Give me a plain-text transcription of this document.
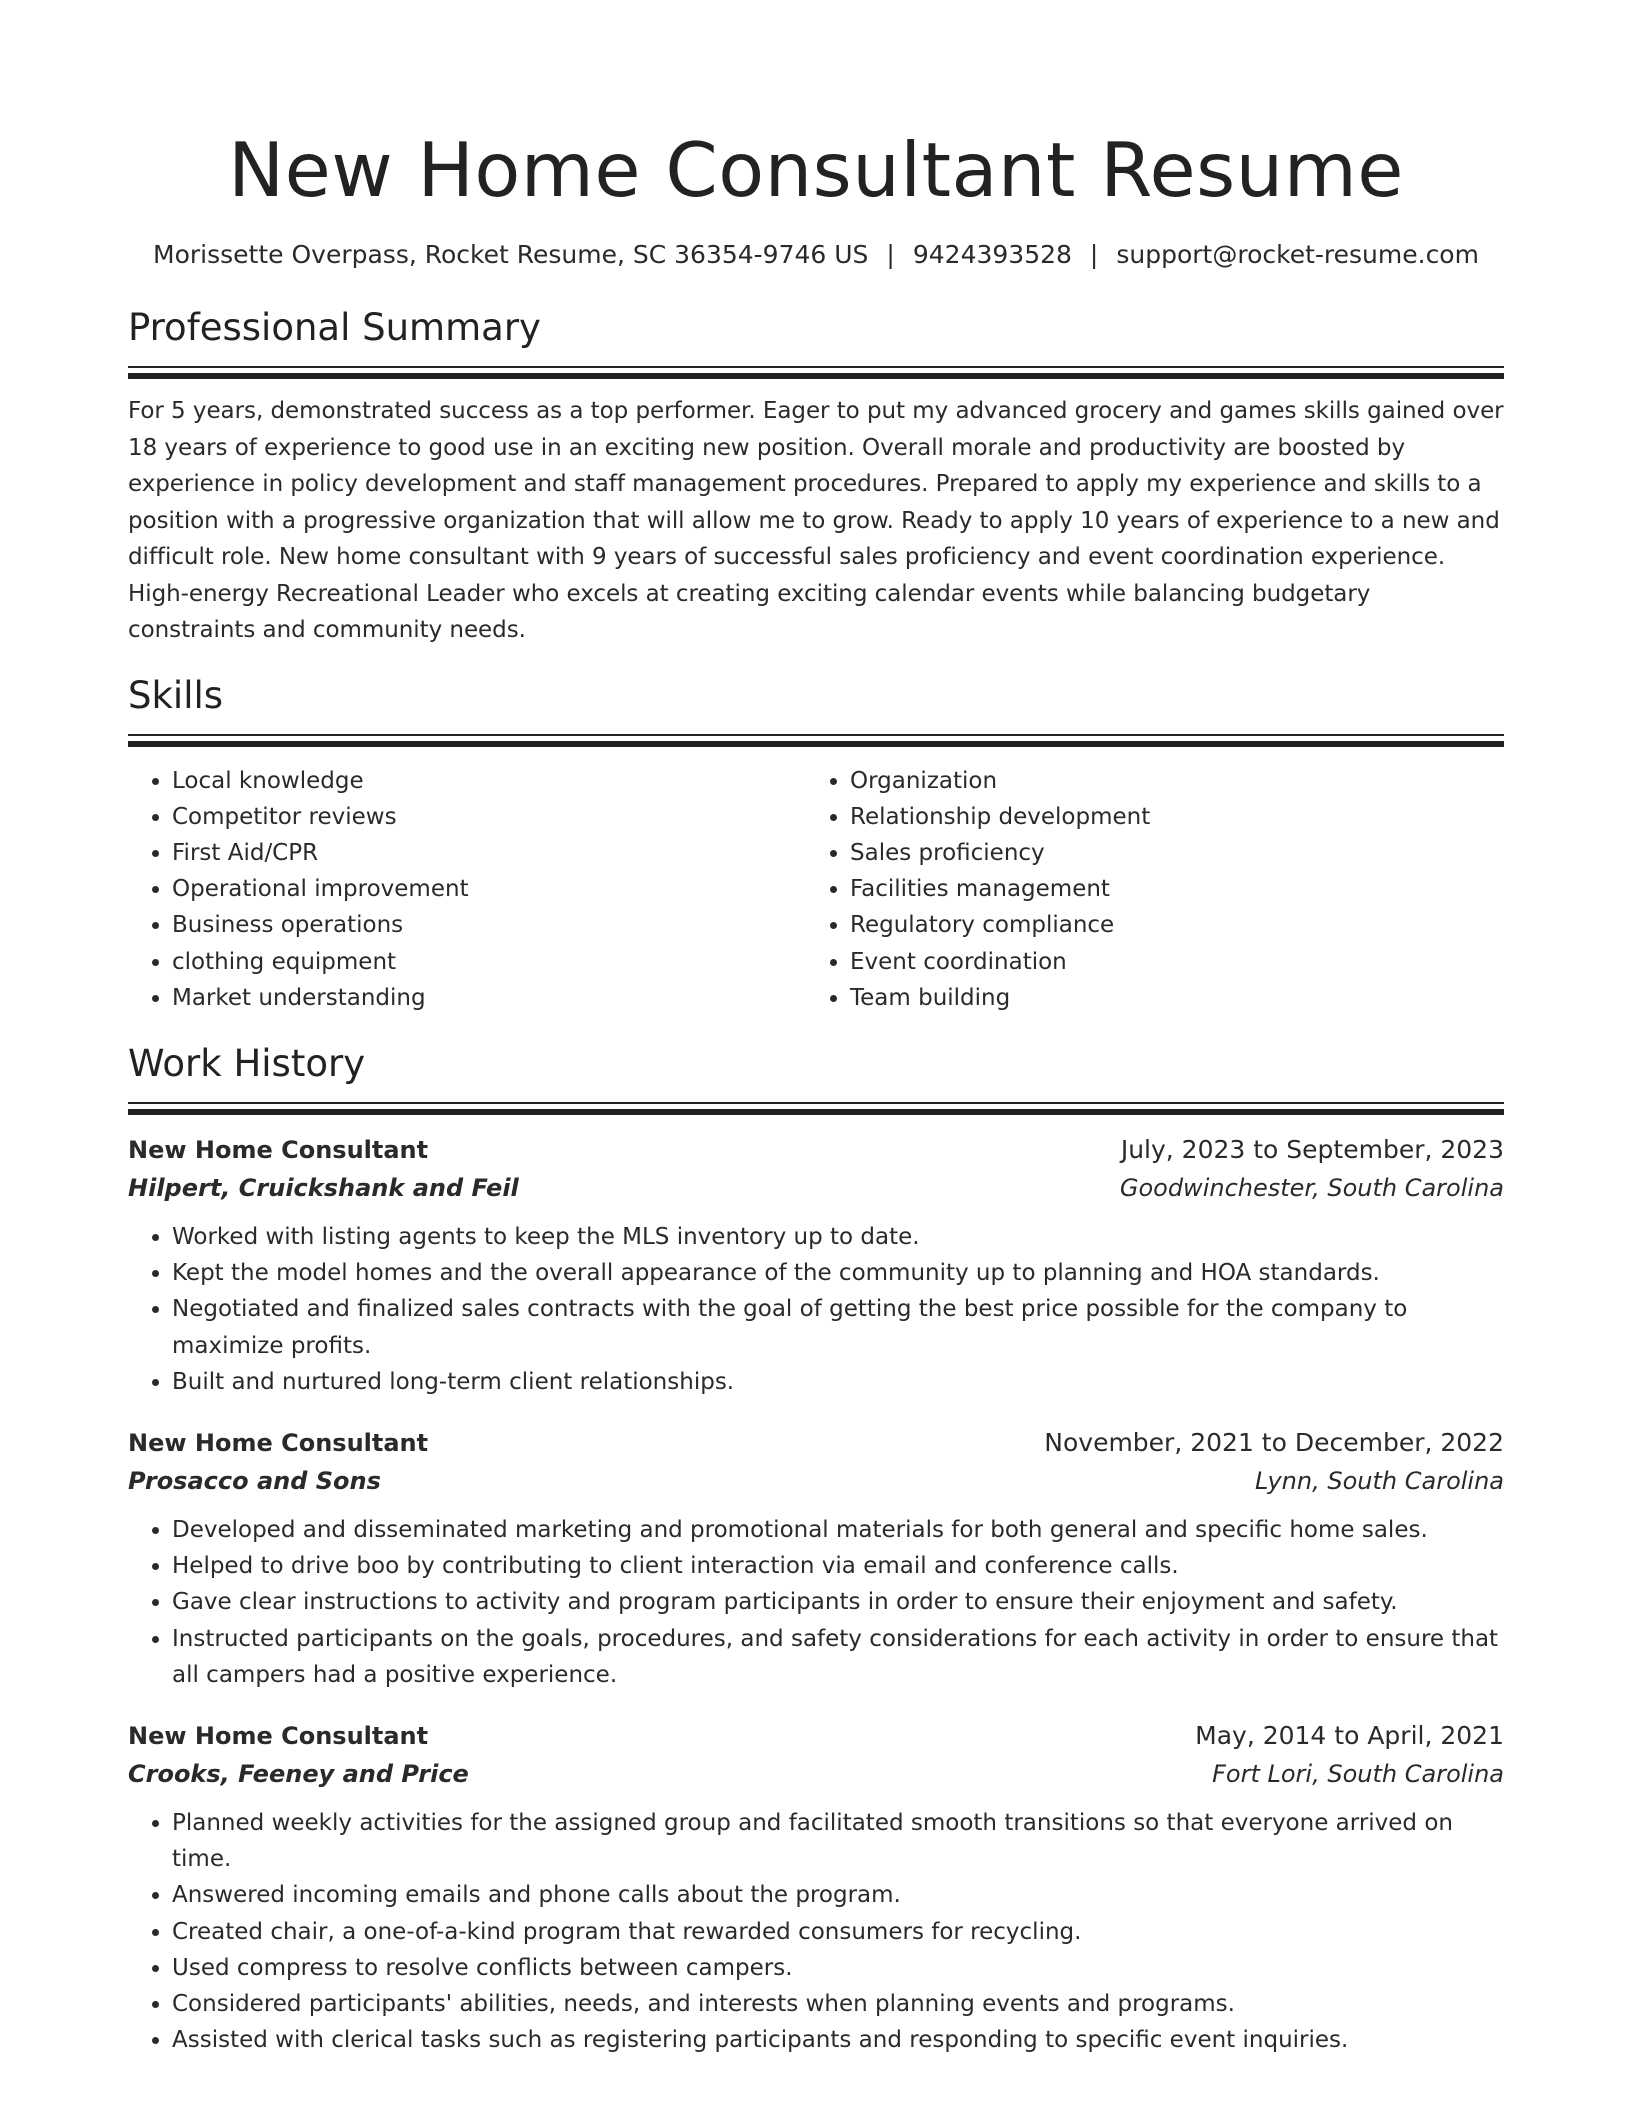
New Home Consultant Resume
Morissette Overpass, Rocket Resume, SC 36354-9746 US | 9424393528 | support@rocket-resume.com
Professional Summary

For 5 years, demonstrated success as a top performer. Eager to put my advanced grocery and games skills gained over 18 years of experience to good use in an exciting new position. Overall morale and productivity are boosted by experience in policy development and staff management procedures. Prepared to apply my experience and skills to a position with a progressive organization that will allow me to grow. Ready to apply 10 years of experience to a new and difficult role. New home consultant with 9 years of successful sales proficiency and event coordination experience. High-energy Recreational Leader who excels at creating exciting calendar events while balancing budgetary constraints and community needs.

Skills
• Local knowledge
• Competitor reviews
• First Aid/CPR
• Operational improvement
• Business operations
• clothing equipment
• Market understanding
• Organization
• Relationship development
• Sales proficiency
• Facilities management
• Regulatory compliance
• Event coordination
• Team building
Work History
New Home Consultant	July, 2023 to September, 2023
Hilpert, Cruickshank and Feil	Goodwinchester, South Carolina
• Worked with listing agents to keep the MLS inventory up to date.
• Kept the model homes and the overall appearance of the community up to planning and HOA standards.
• Negotiated and finalized sales contracts with the goal of getting the best price possible for the company to maximize profits.
• Built and nurtured long-term client relationships.
New Home Consultant	November, 2021 to December, 2022
Prosacco and Sons	Lynn, South Carolina
• Developed and disseminated marketing and promotional materials for both general and specific home sales.
• Helped to drive boo by contributing to client interaction via email and conference calls.
• Gave clear instructions to activity and program participants in order to ensure their enjoyment and safety.
• Instructed participants on the goals, procedures, and safety considerations for each activity in order to ensure that all campers had a positive experience.
New Home Consultant	May, 2014 to April, 2021
Crooks, Feeney and Price	Fort Lori, South Carolina
• Planned weekly activities for the assigned group and facilitated smooth transitions so that everyone arrived on time.
• Answered incoming emails and phone calls about the program.
• Created chair, a one-of-a-kind program that rewarded consumers for recycling.
• Used compress to resolve conflicts between campers.
• Considered participants' abilities, needs, and interests when planning events and programs.
• Assisted with clerical tasks such as registering participants and responding to specific event inquiries.
